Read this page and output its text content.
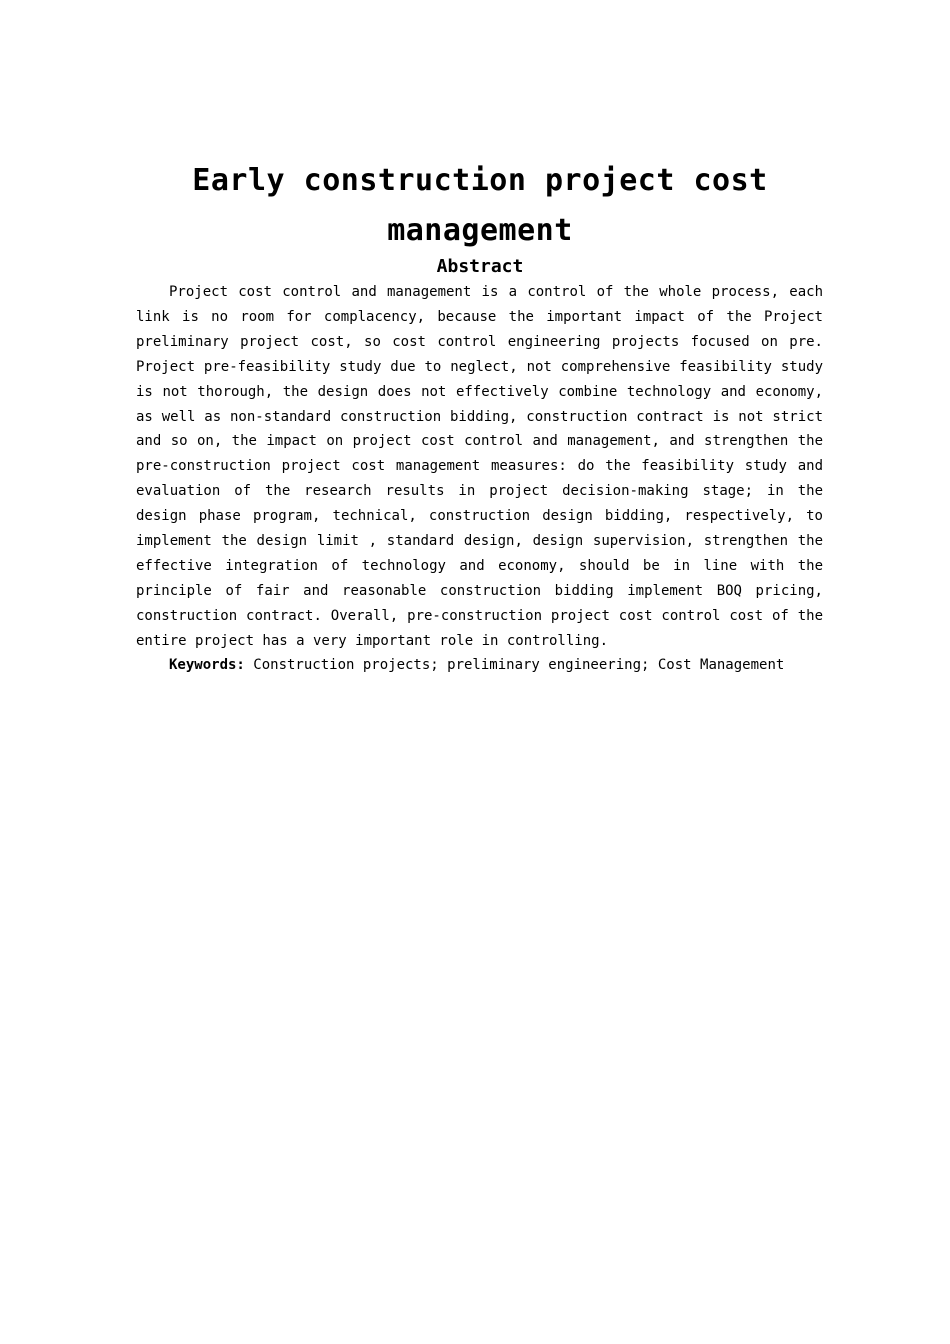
Early construction project cost management
Abstract

Project cost control and management is a control of the whole process, each link is no room for complacency, because the important impact of the Project preliminary project cost, so cost control engineering projects focused on pre. Project pre-feasibility study due to neglect, not comprehensive feasibility study is not thorough, the design does not effectively combine technology and economy, as well as non-standard construction bidding, construction contract is not strict and so on, the impact on project cost control and management, and strengthen the pre-construction project cost management measures: do the feasibility study and evaluation of the research results in project decision-making stage; in the design phase program, technical, construction design bidding, respectively, to implement the design limit , standard design, design supervision, strengthen the effective integration of technology and economy, should be in line with the principle of fair and reasonable construction bidding implement BOQ pricing, construction contract. Overall, pre-construction project cost control cost of the entire project has a very important role in controlling.

Keywords: Construction projects; preliminary engineering; Cost Management
